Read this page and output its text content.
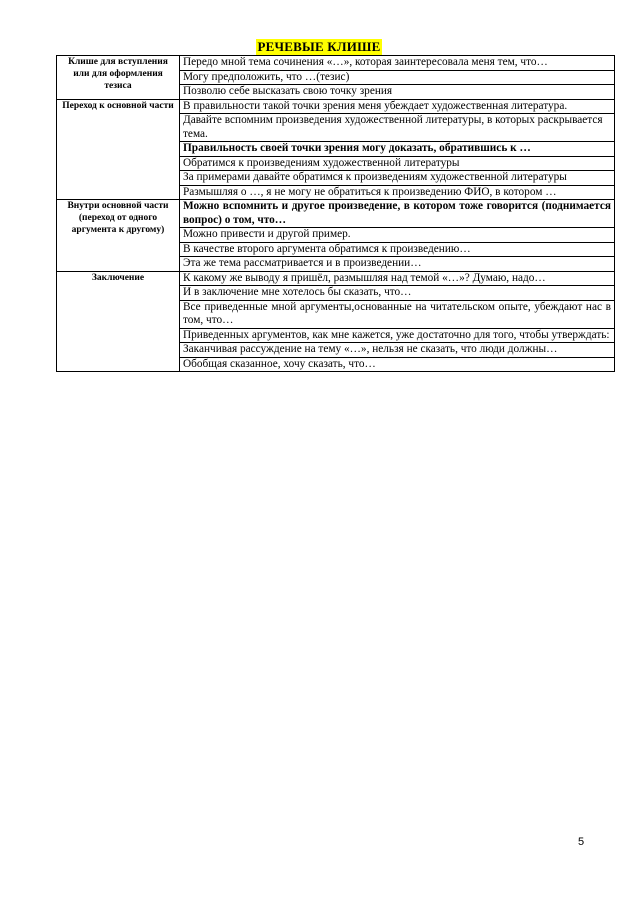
РЕЧЕВЫЕ КЛИШЕ
Клише для вступления или для оформления тезиса	Передо мной тема сочинения «…», которая заинтересовала меня тем, что…
	Могу предположить, что …(тезис)
	Позволю себе высказать свою точку зрения
Переход к основной части	В правильности такой точки зрения меня убеждает художественная литература.
	Давайте вспомним произведения художественной литературы, в которых раскрывается тема.
	Правильность своей точки зрения могу доказать, обратившись к …
	Обратимся к произведениям художественной литературы
	За примерами давайте обратимся к произведениям художественной литературы
	Размышляя о …, я не могу не обратиться к произведению ФИО, в котором …
Внутри основной части (переход от одного аргумента к другому)	Можно вспомнить и другое произведение, в котором тоже говорится (поднимается вопрос) о том, что…
	Можно привести и другой пример.
	В качестве второго аргумента обратимся к произведению…
	Эта же тема рассматривается и в произведении…
Заключение	К какому же выводу я пришёл, размышляя над темой «…»? Думаю, надо…
	И в заключение мне хотелось бы сказать, что…
	Все приведенные мной аргументы,основанные на читательском опыте, убеждают нас в том, что…
	Приведенных аргументов, как мне кажется, уже достаточно для того, чтобы утверждать:
	Заканчивая рассуждение на тему «…», нельзя не сказать, что люди должны…
	Обобщая сказанное, хочу сказать, что…
5
